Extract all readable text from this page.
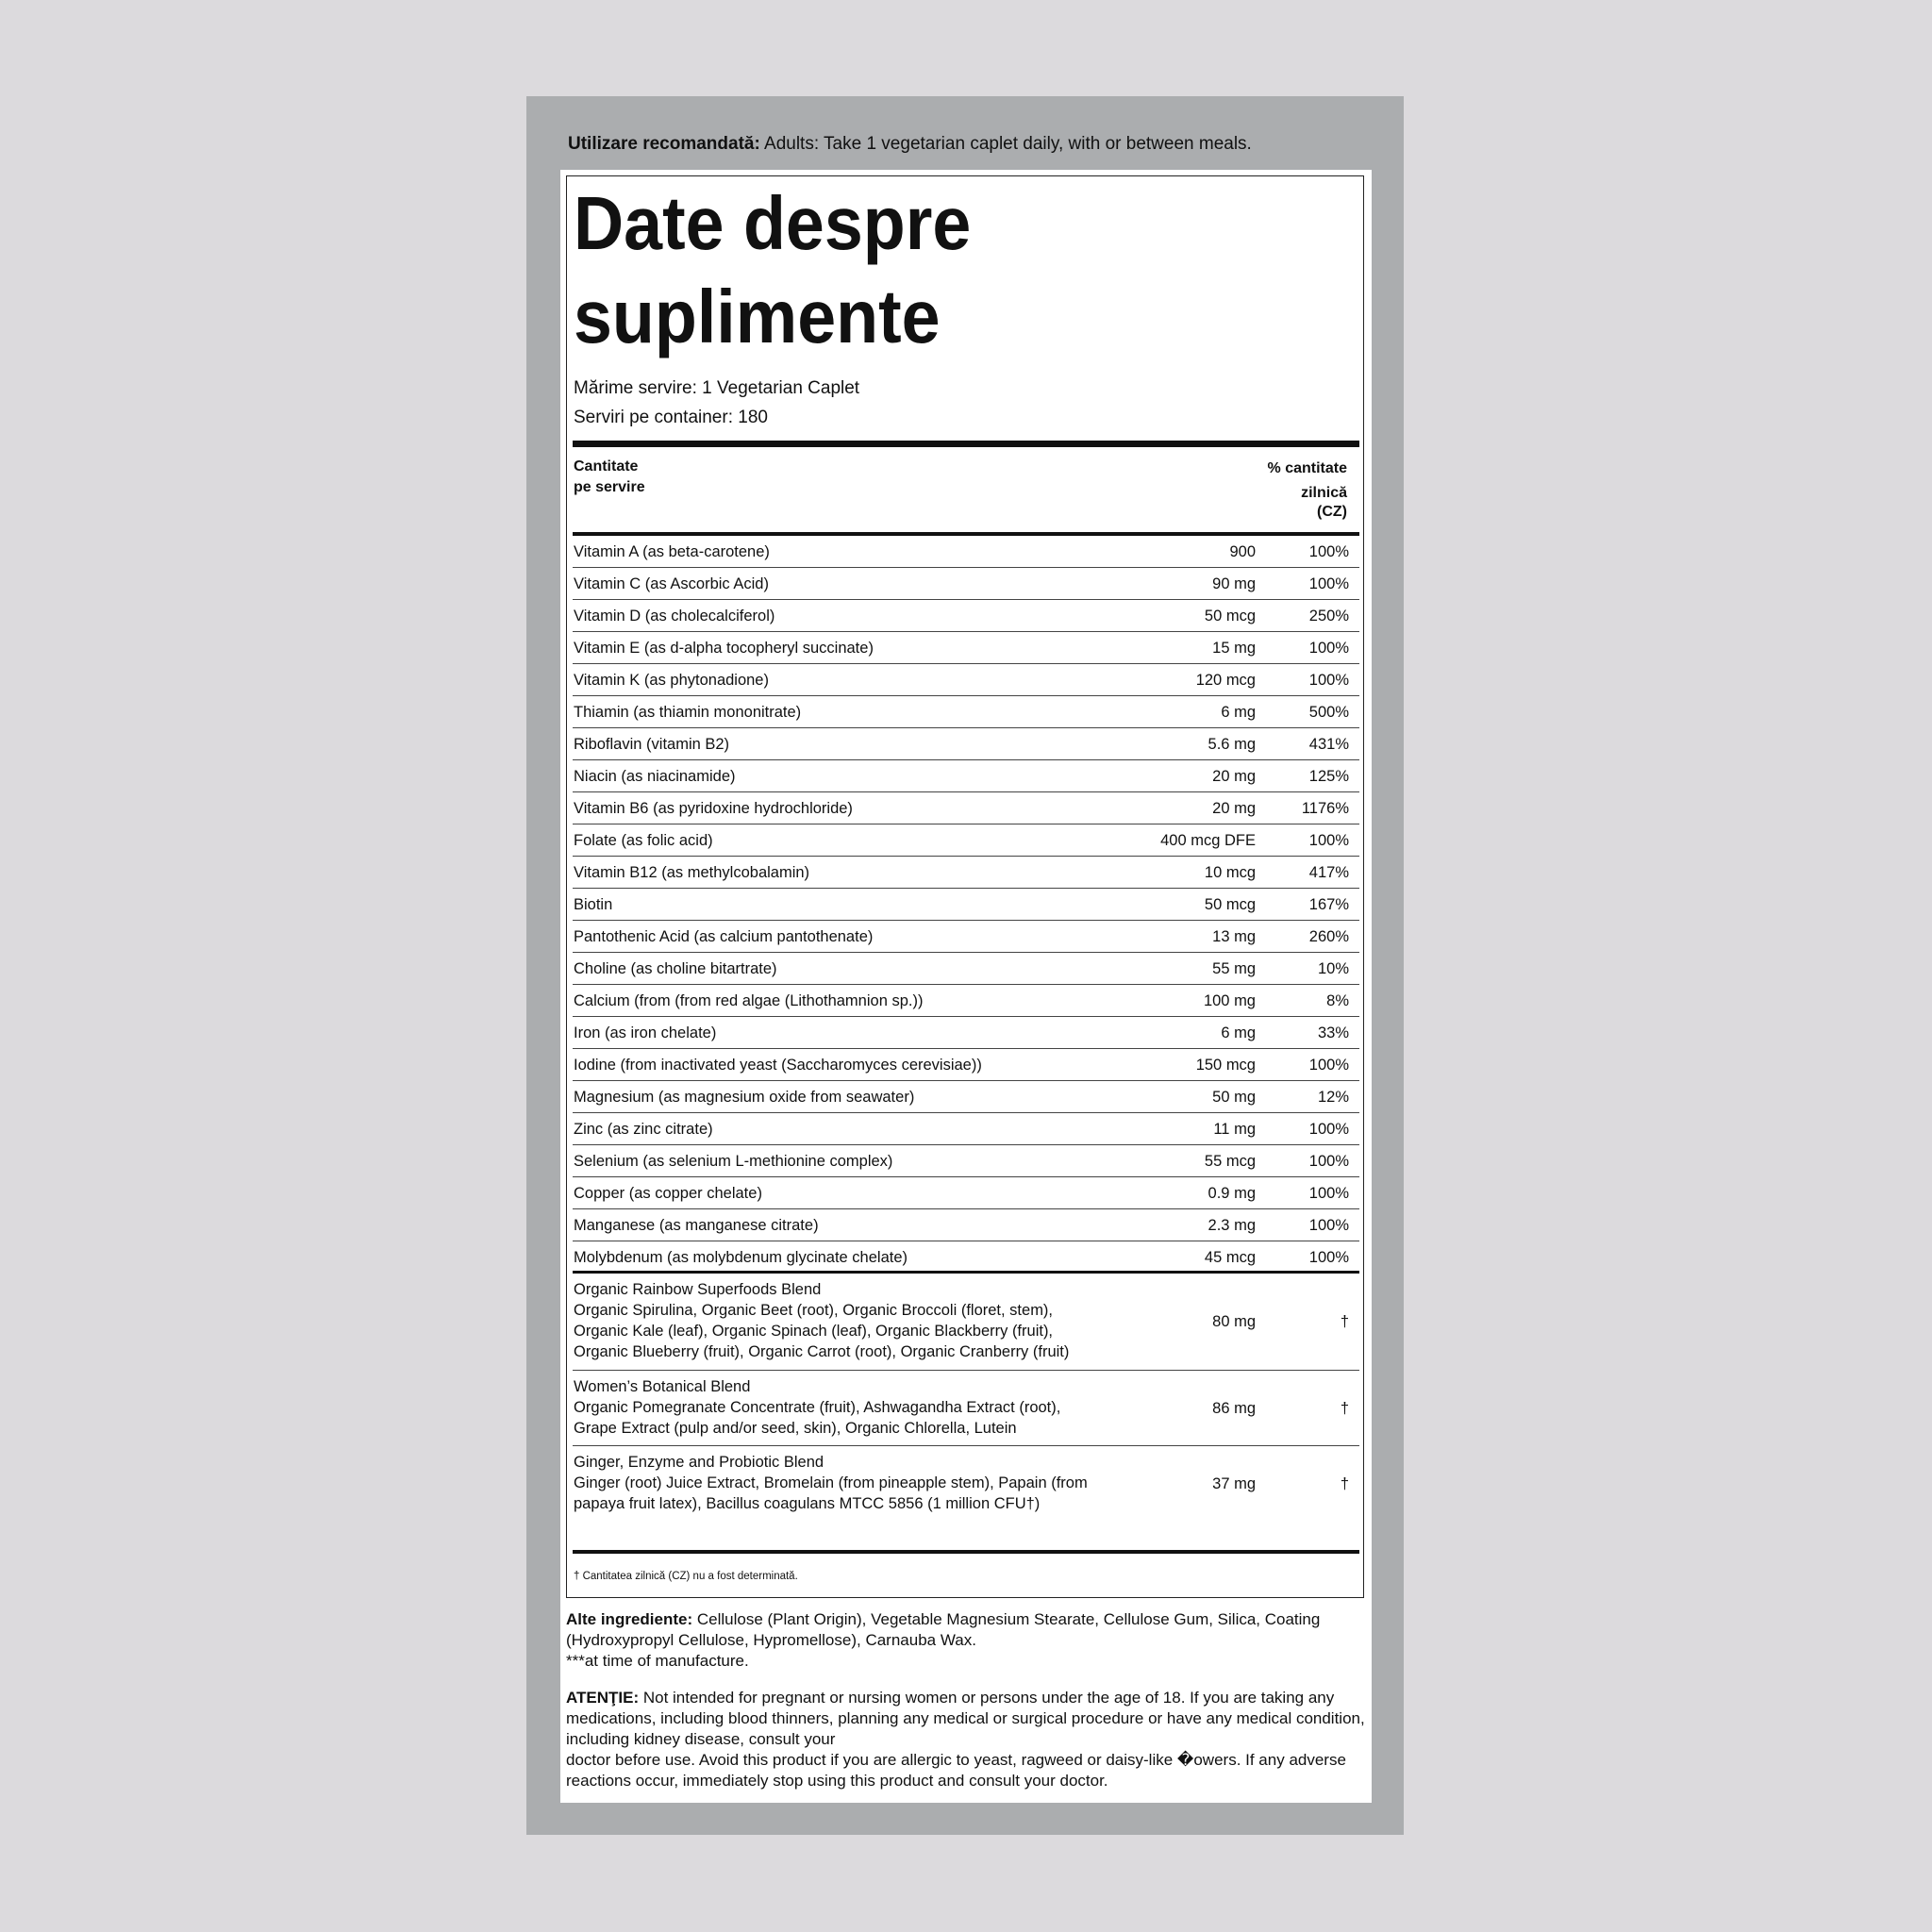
Utilizare recomandată: Adults: Take 1 vegetarian caplet daily, with or between meals.
Date despre
suplimente
Mărime servire: 1 Vegetarian Caplet
Serviri pe container: 180
Cantitate
pe servire
% cantitate
zilnică
(CZ)
Vitamin A (as beta-carotene)	900	100%
Vitamin C (as Ascorbic Acid)	90 mg	100%
Vitamin D (as cholecalciferol)	50 mcg	250%
Vitamin E (as d-alpha tocopheryl succinate)	15 mg	100%
Vitamin K (as phytonadione)	120 mcg	100%
Thiamin (as thiamin mononitrate)	6 mg	500%
Riboflavin (vitamin B2)	5.6 mg	431%
Niacin (as niacinamide)	20 mg	125%
Vitamin B6 (as pyridoxine hydrochloride)	20 mg	1176%
Folate (as folic acid)	400 mcg DFE	100%
Vitamin B12 (as methylcobalamin)	10 mcg	417%
Biotin	50 mcg	167%
Pantothenic Acid (as calcium pantothenate)	13 mg	260%
Choline (as choline bitartrate)	55 mg	10%
Calcium (from (from red algae (Lithothamnion sp.))	100 mg	8%
Iron (as iron chelate)	6 mg	33%
Iodine (from inactivated yeast (Saccharomyces cerevisiae))	150 mcg	100%
Magnesium (as magnesium oxide from seawater)	50 mg	12%
Zinc (as zinc citrate)	11 mg	100%
Selenium (as selenium L-methionine complex)	55 mcg	100%
Copper (as copper chelate)	0.9 mg	100%
Manganese (as manganese citrate)	2.3 mg	100%
Molybdenum (as molybdenum glycinate chelate)	45 mcg	100%
Organic Rainbow Superfoods Blend
Organic Spirulina, Organic Beet (root), Organic Broccoli (floret, stem), Organic Kale (leaf), Organic Spinach (leaf), Organic Blackberry (fruit), Organic Blueberry (fruit), Organic Carrot (root), Organic Cranberry (fruit)
80 mg	†
Women’s Botanical Blend
Organic Pomegranate Concentrate (fruit), Ashwagandha Extract (root), Grape Extract (pulp and/or seed, skin), Organic Chlorella, Lutein
86 mg	†
Ginger, Enzyme and Probiotic Blend
Ginger (root) Juice Extract, Bromelain (from pineapple stem), Papain (from papaya fruit latex), Bacillus coagulans MTCC 5856 (1 million CFU†)
37 mg	†
† Cantitatea zilnică (CZ) nu a fost determinată.
Alte ingrediente: Cellulose (Plant Origin), Vegetable Magnesium Stearate, Cellulose Gum, Silica, Coating (Hydroxypropyl Cellulose, Hypromellose), Carnauba Wax.
***at time of manufacture.
ATENŢIE: Not intended for pregnant or nursing women or persons under the age of 18. If you are taking any medications, including blood thinners, planning any medical or surgical procedure or have any medical condition, including kidney disease, consult your
doctor before use. Avoid this product if you are allergic to yeast, ragweed or daisy-like �owers. If any adverse reactions occur, immediately stop using this product and consult your doctor.
